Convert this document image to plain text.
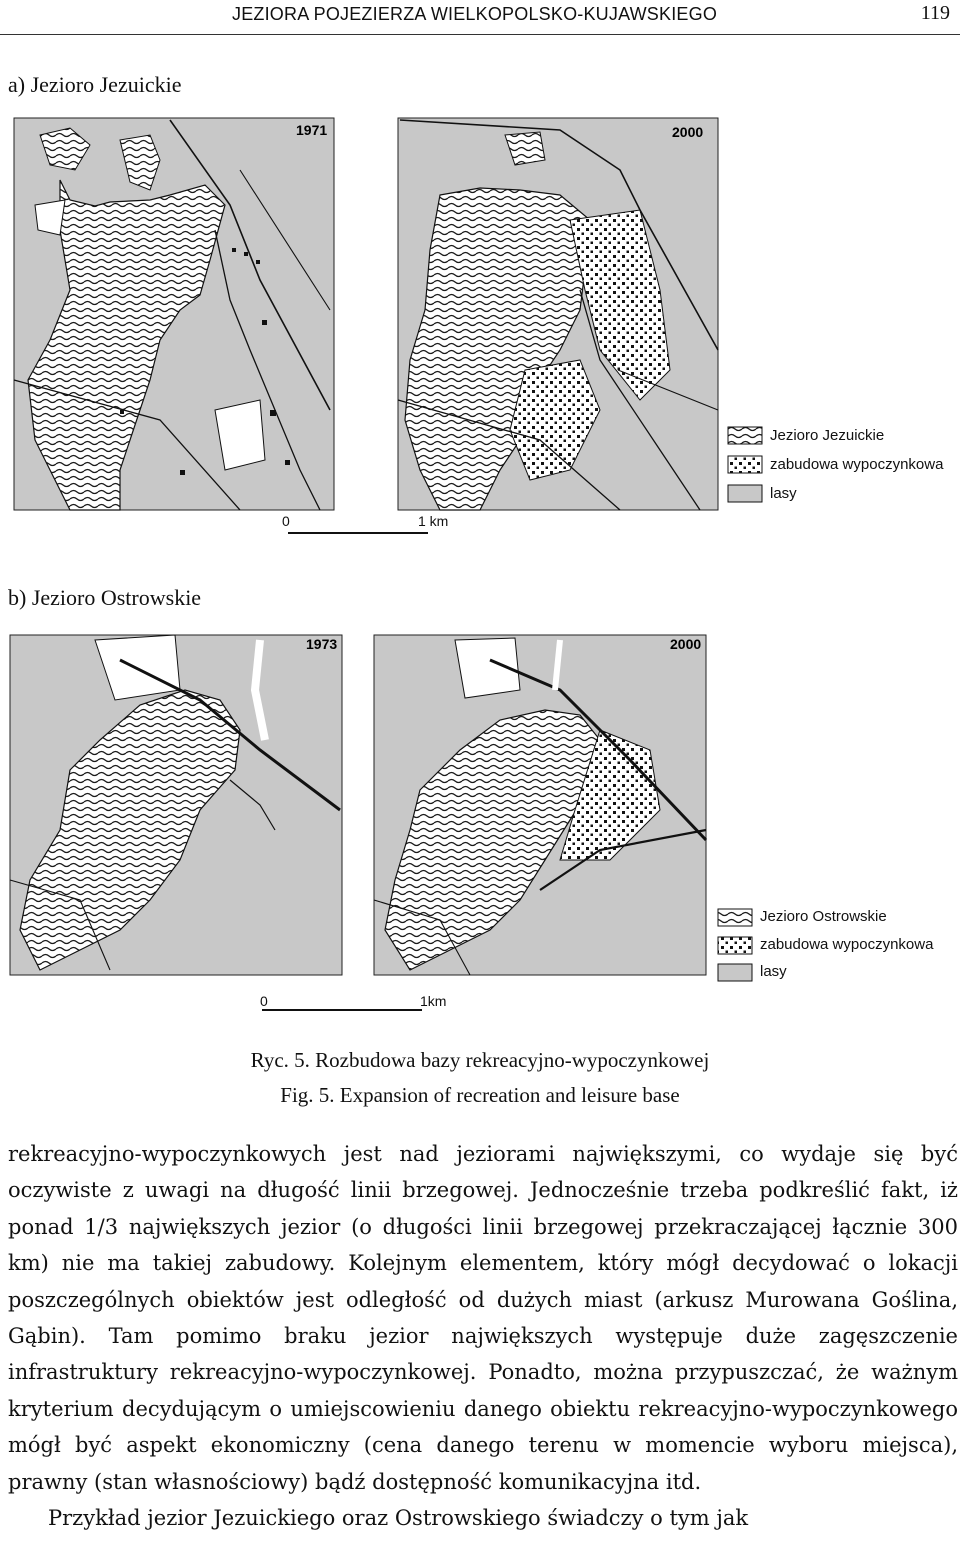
JEZIORA POJEZIERZA WIELKOPOLSKO-KUJAWSKIEGO	119
a) Jezioro Jezuickie
1971	2000
Jezioro Jezuickie
zabudowa wypoczynkowa
lasy
0	1 km
b) Jezioro Ostrowskie
1973	2000
Jezioro Ostrowskie
zabudowa wypoczynkowa
lasy
0	1km
Ryc. 5. Rozbudowa bazy rekreacyjno-wypoczynkowej
Fig. 5. Expansion of recreation and leisure base

rekreacyjno-wypoczynkowych jest nad jeziorami największymi, co wydaje się być oczywiste z uwagi na długość linii brzegowej. Jednocześnie trzeba podkreślić fakt, iż ponad 1/3 największych jezior (o długości linii brzegowej przekraczającej łącznie 300 km) nie ma takiej zabudowy. Kolejnym elementem, który mógł decydować o lokacji poszczególnych obiektów jest odległość od dużych miast (arkusz Murowana Goślina, Gąbin). Tam pomimo braku jezior największych występuje duże zagęszczenie infrastruktury rekreacyjno-wypoczynkowej. Ponadto, można przypuszczać, że ważnym kryterium decydującym o umiejscowieniu danego obiektu rekreacyjno-wypoczynkowego mógł być aspekt ekonomiczny (cena danego terenu w momencie wyboru miejsca), prawny (stan własnościowy) bądź dostępność komunikacyjna itd.

Przykład jezior Jezuickiego oraz Ostrowskiego świadczy o tym jak
